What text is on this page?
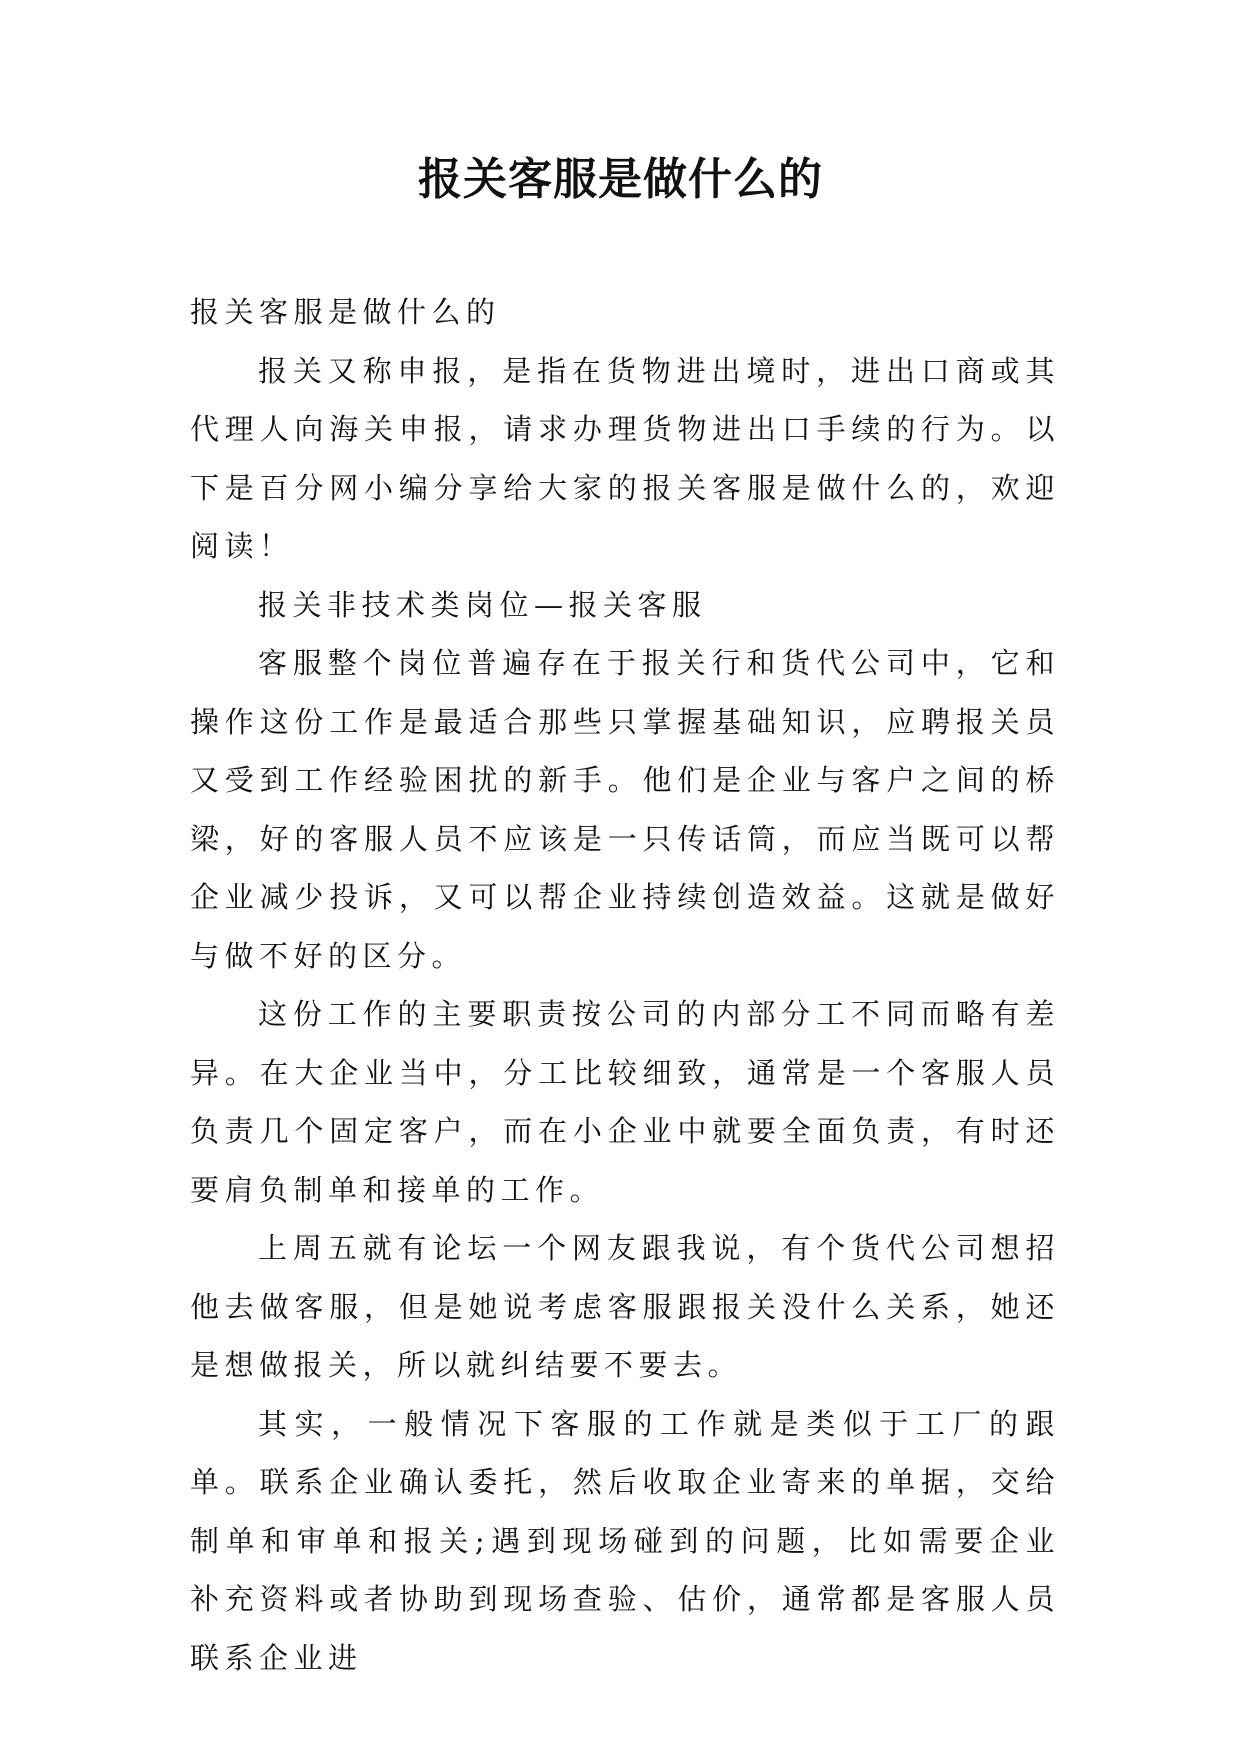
报关客服是做什么的

报关客服是做什么的

报关又称申报，是指在货物进出境时，进出口商或其代理人向海关申报，请求办理货物进出口手续的行为。以下是百分网小编分享给大家的报关客服是做什么的，欢迎阅读！

报关非技术类岗位—报关客服

客服整个岗位普遍存在于报关行和货代公司中，它和操作这份工作是最适合那些只掌握基础知识，应聘报关员又受到工作经验困扰的新手。他们是企业与客户之间的桥梁，好的客服人员不应该是一只传话筒，而应当既可以帮企业减少投诉，又可以帮企业持续创造效益。这就是做好与做不好的区分。

这份工作的主要职责按公司的内部分工不同而略有差异。在大企业当中，分工比较细致，通常是一个客服人员负责几个固定客户，而在小企业中就要全面负责，有时还要肩负制单和接单的工作。

上周五就有论坛一个网友跟我说，有个货代公司想招他去做客服，但是她说考虑客服跟报关没什么关系，她还是想做报关，所以就纠结要不要去。

其实，一般情况下客服的工作就是类似于工厂的跟单。联系企业确认委托，然后收取企业寄来的单据，交给制单和审单和报关;遇到现场碰到的问题，比如需要企业补充资料或者协助到现场查验、估价，通常都是客服人员联系企业进
